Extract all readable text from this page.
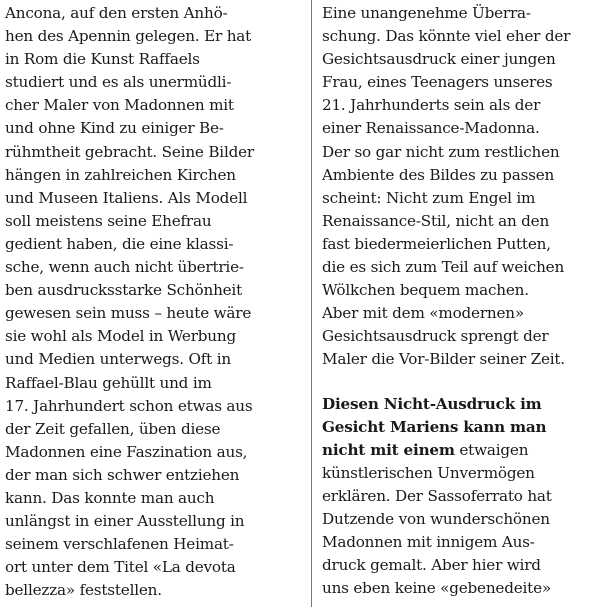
Ancona, auf den ersten Anhö-
hen des Apennin gelegen. Er hat
in Rom die Kunst Raffaels
studiert und es als unermüdli-
cher Maler von Madonnen mit
und ohne Kind zu einiger Be-
rühmtheit gebracht. Seine Bilder
hängen in zahlreichen Kirchen
und Museen Italiens. Als Modell
soll meistens seine Ehefrau
gedient haben, die eine klassi-
sche, wenn auch nicht übertrie-
ben ausdrucksstarke Schönheit
gewesen sein muss – heute wäre
sie wohl als Model in Werbung
und Medien unterwegs. Oft in
Raffael-Blau gehüllt und im
17. Jahrhundert schon etwas aus
der Zeit gefallen, üben diese
Madonnen eine Faszination aus,
der man sich schwer entziehen
kann. Das konnte man auch
unlängst in einer Ausstellung in
seinem verschlafenen Heimat-
ort unter dem Titel «La devota
bellezza» feststellen.
Eine unangenehme Überra-
schung. Das könnte viel eher der
Gesichtsausdruck einer jungen
Frau, eines Teenagers unseres
21. Jahrhunderts sein als der
einer Renaissance-Madonna.
Der so gar nicht zum restlichen
Ambiente des Bildes zu passen
scheint: Nicht zum Engel im
Renaissance-Stil, nicht an den
fast biedermeierlichen Putten,
die es sich zum Teil auf weichen
Wölkchen bequem machen.
Aber mit dem «modernen»
Gesichtsausdruck sprengt der
Maler die Vor-Bilder seiner Zeit.
Diesen Nicht-Ausdruck im
Gesicht Mariens kann man
nicht mit einem etwaigen
künstlerischen Unvermögen
erklären. Der Sassoferrato hat
Dutzende von wunderschönen
Madonnen mit innigem Aus-
druck gemalt. Aber hier wird
uns eben keine «gebenedeite»
